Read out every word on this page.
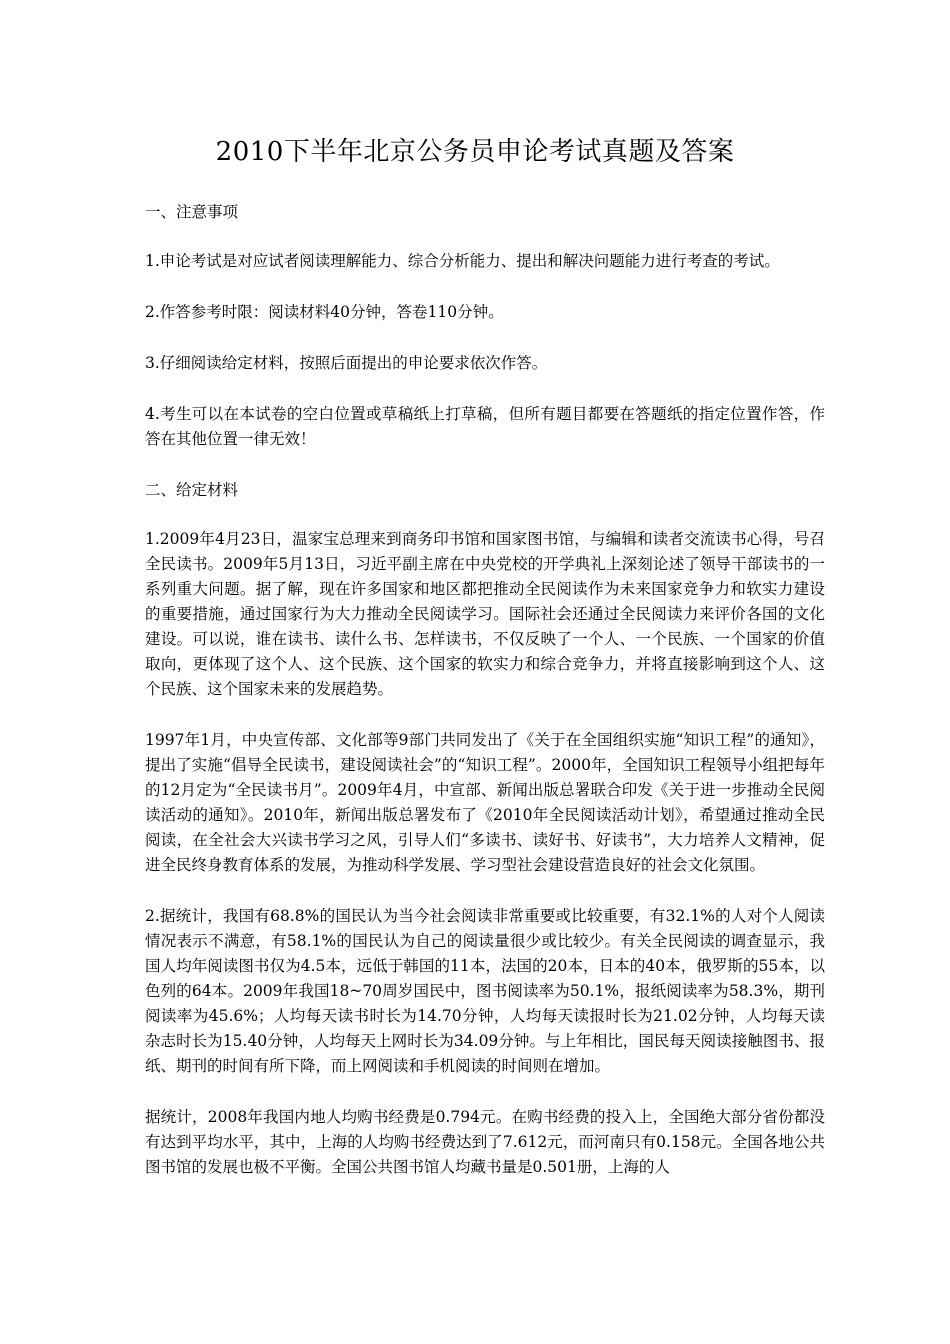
2010下半年北京公务员申论考试真题及答案

一、注意事项

1.申论考试是对应试者阅读理解能力、综合分析能力、提出和解决问题能力进行考查的考试。

2.作答参考时限：阅读材料40分钟，答卷110分钟。

3.仔细阅读给定材料，按照后面提出的申论要求依次作答。

4.考生可以在本试卷的空白位置或草稿纸上打草稿，但所有题目都要在答题纸的指定位置作答，作答在其他位置一律无效！

二、给定材料

1.2009年4月23日，温家宝总理来到商务印书馆和国家图书馆，与编辑和读者交流读书心得，号召全民读书。2009年5月13日，习近平副主席在中央党校的开学典礼上深刻论述了领导干部读书的一系列重大问题。据了解，现在许多国家和地区都把推动全民阅读作为未来国家竞争力和软实力建设的重要措施，通过国家行为大力推动全民阅读学习。国际社会还通过全民阅读力来评价各国的文化建设。可以说，谁在读书、读什么书、怎样读书，不仅反映了一个人、一个民族、一个国家的价值取向，更体现了这个人、这个民族、这个国家的软实力和综合竞争力，并将直接影响到这个人、这个民族、这个国家未来的发展趋势。

1997年1月，中央宣传部、文化部等9部门共同发出了《关于在全国组织实施“知识工程”的通知》，提出了实施“倡导全民读书，建设阅读社会”的“知识工程”。2000年，全国知识工程领导小组把每年的12月定为“全民读书月”。2009年4月，中宣部、新闻出版总署联合印发《关于进一步推动全民阅读活动的通知》。2010年，新闻出版总署发布了《2010年全民阅读活动计划》，希望通过推动全民阅读，在全社会大兴读书学习之风，引导人们“多读书、读好书、好读书”，大力培养人文精神，促进全民终身教育体系的发展，为推动科学发展、学习型社会建设营造良好的社会文化氛围。

2.据统计，我国有68.8%的国民认为当今社会阅读非常重要或比较重要，有32.1%的人对个人阅读情况表示不满意，有58.1%的国民认为自己的阅读量很少或比较少。有关全民阅读的调查显示，我国人均年阅读图书仅为4.5本，远低于韩国的11本，法国的20本，日本的40本，俄罗斯的55本，以色列的64本。2009年我国18~70周岁国民中，图书阅读率为50.1%，报纸阅读率为58.3%，期刊阅读率为45.6%；人均每天读书时长为14.70分钟，人均每天读报时长为21.02分钟，人均每天读杂志时长为15.40分钟，人均每天上网时长为34.09分钟。与上年相比，国民每天阅读接触图书、报纸、期刊的时间有所下降，而上网阅读和手机阅读的时间则在增加。

据统计，2008年我国内地人均购书经费是0.794元。在购书经费的投入上，全国绝大部分省份都没有达到平均水平，其中，上海的人均购书经费达到了7.612元，而河南只有0.158元。全国各地公共图书馆的发展也极不平衡。全国公共图书馆人均藏书量是0.501册，上海的人
